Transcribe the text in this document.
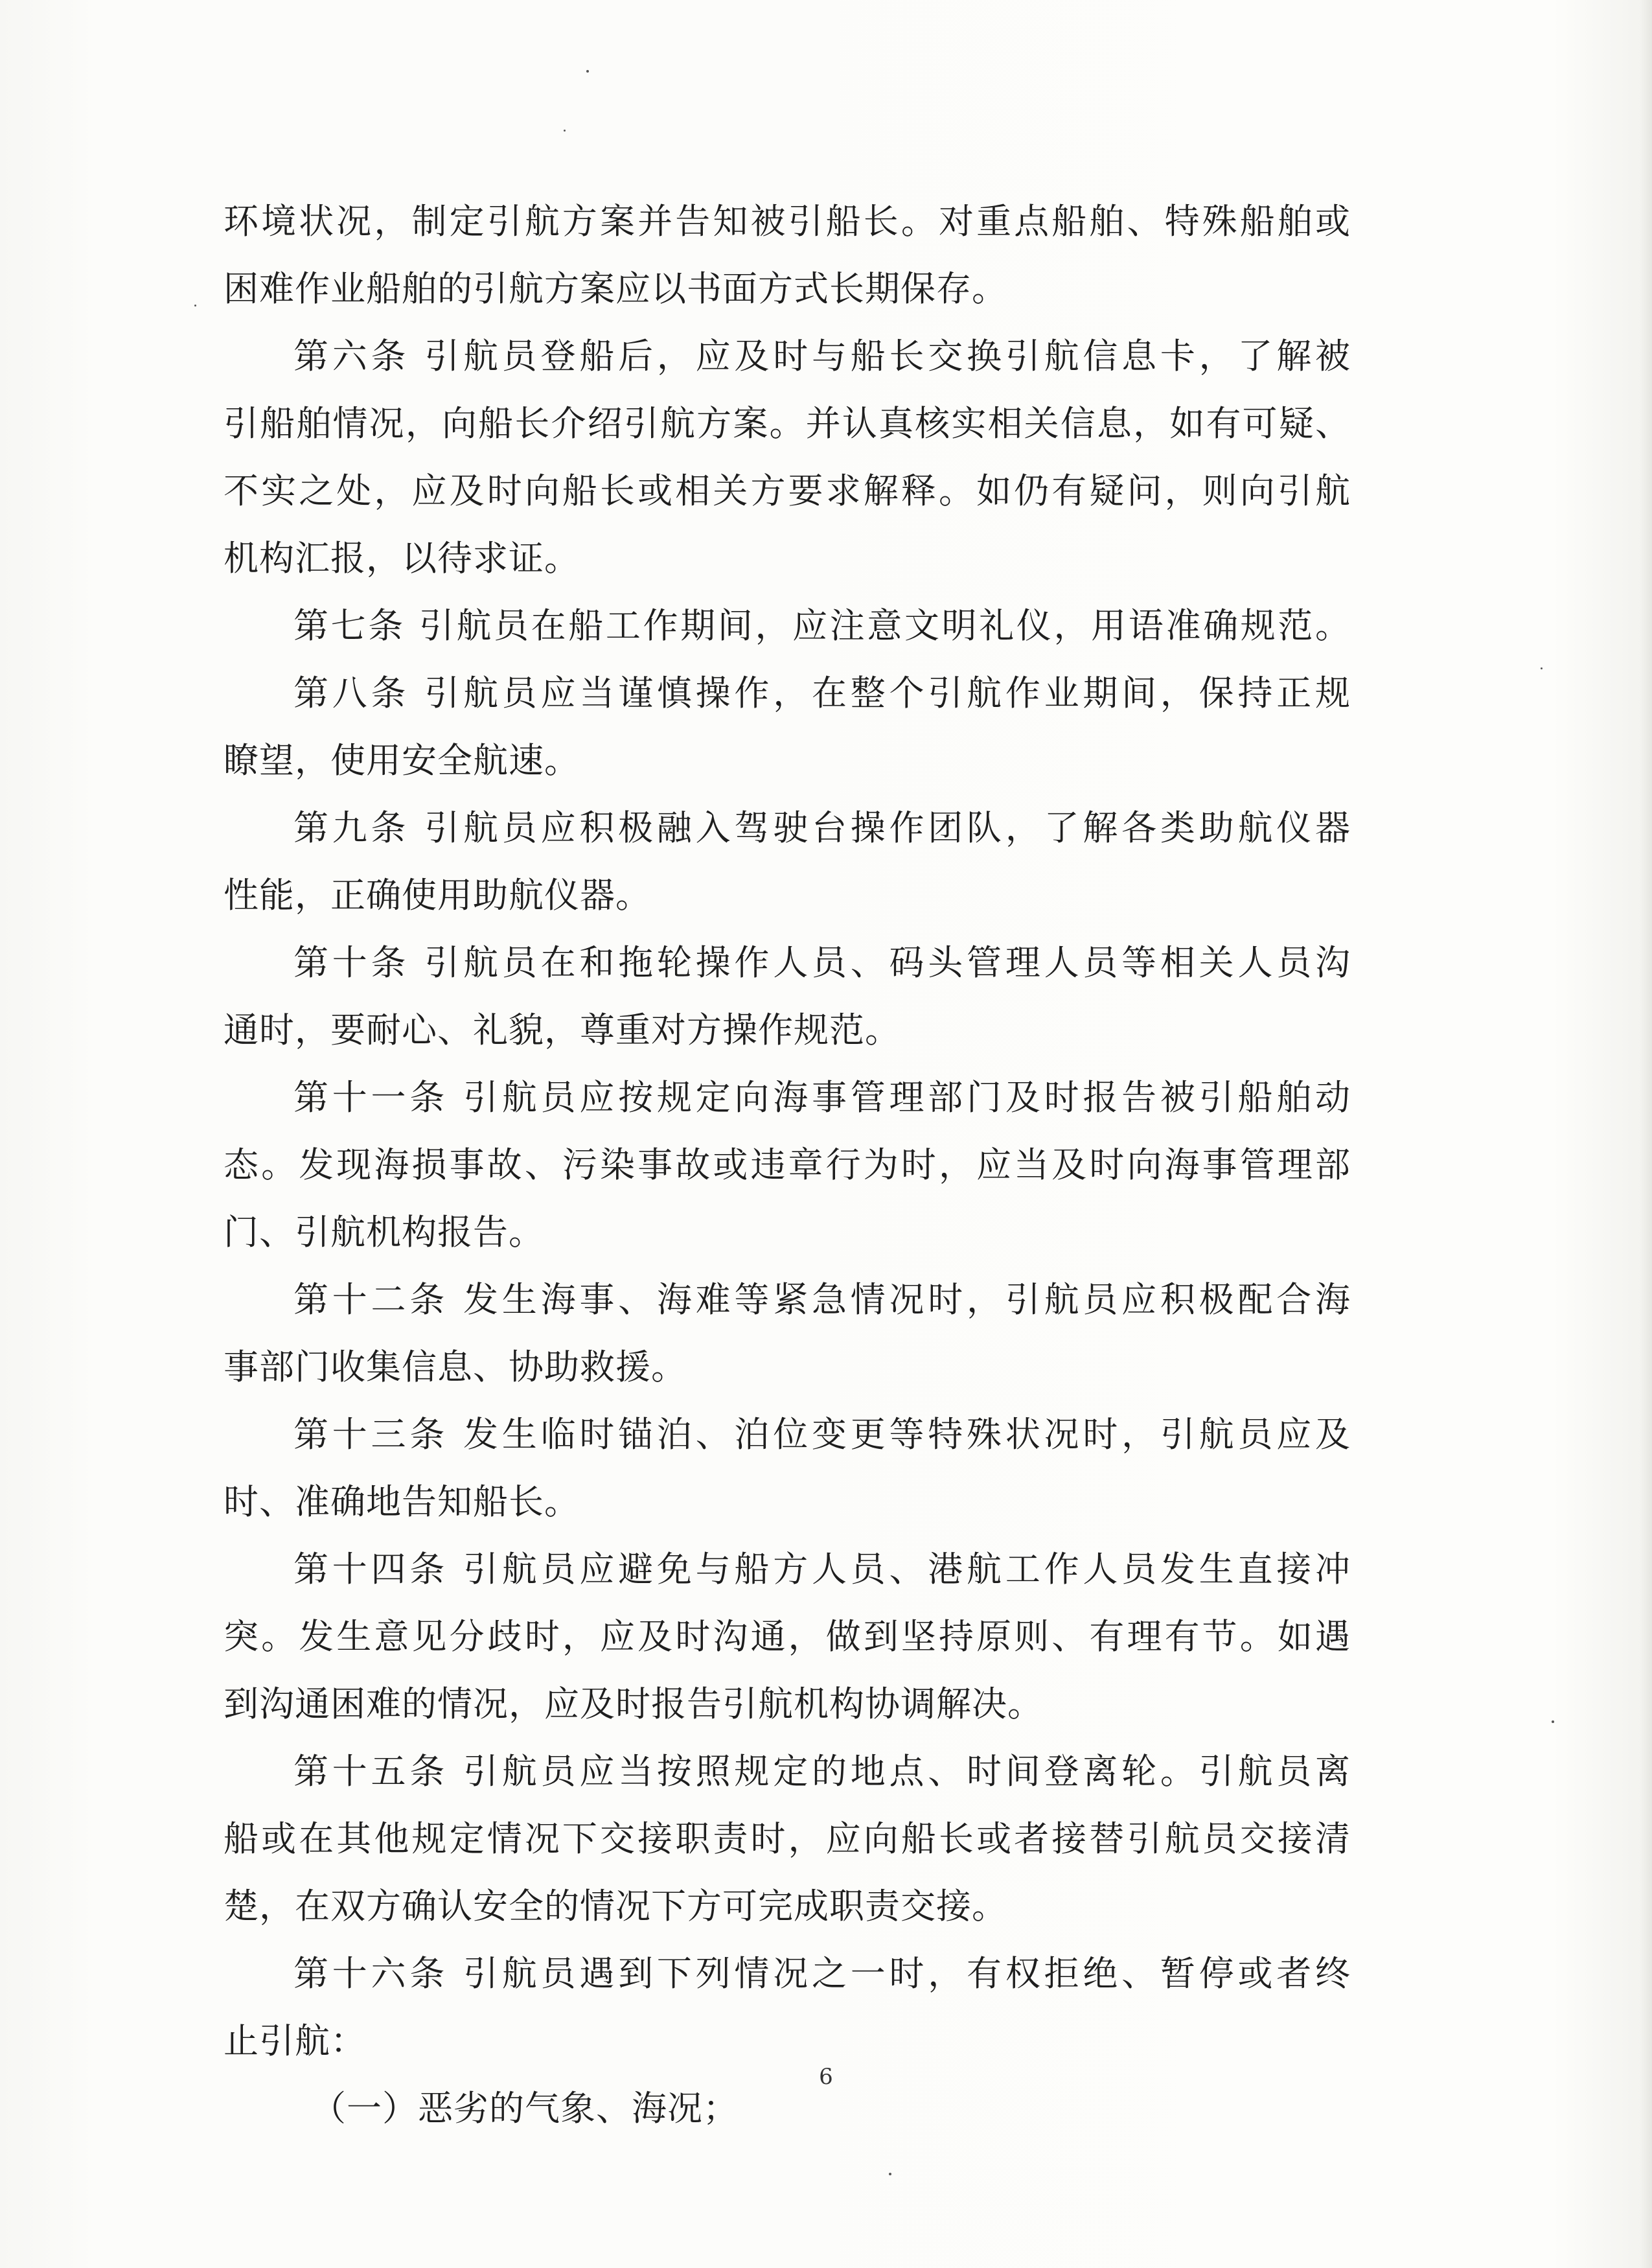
环境状况，制定引航方案并告知被引船长。对重点船舶、特殊船舶或
困难作业船舶的引航方案应以书面方式长期保存。
第六条 引航员登船后，应及时与船长交换引航信息卡，了解被
引船舶情况，向船长介绍引航方案。并认真核实相关信息，如有可疑、
不实之处，应及时向船长或相关方要求解释。如仍有疑问，则向引航
机构汇报，以待求证。
第七条 引航员在船工作期间，应注意文明礼仪，用语准确规范。
第八条 引航员应当谨慎操作，在整个引航作业期间，保持正规
瞭望，使用安全航速。
第九条 引航员应积极融入驾驶台操作团队，了解各类助航仪器
性能，正确使用助航仪器。
第十条 引航员在和拖轮操作人员、码头管理人员等相关人员沟
通时，要耐心、礼貌，尊重对方操作规范。
第十一条 引航员应按规定向海事管理部门及时报告被引船舶动
态。发现海损事故、污染事故或违章行为时，应当及时向海事管理部
门、引航机构报告。
第十二条 发生海事、海难等紧急情况时，引航员应积极配合海
事部门收集信息、协助救援。
第十三条 发生临时锚泊、泊位变更等特殊状况时，引航员应及
时、准确地告知船长。
第十四条 引航员应避免与船方人员、港航工作人员发生直接冲
突。发生意见分歧时，应及时沟通，做到坚持原则、有理有节。如遇
到沟通困难的情况，应及时报告引航机构协调解决。
第十五条 引航员应当按照规定的地点、时间登离轮。引航员离
船或在其他规定情况下交接职责时，应向船长或者接替引航员交接清
楚，在双方确认安全的情况下方可完成职责交接。
第十六条 引航员遇到下列情况之一时，有权拒绝、暂停或者终
止引航：
（一）恶劣的气象、海况；
6
